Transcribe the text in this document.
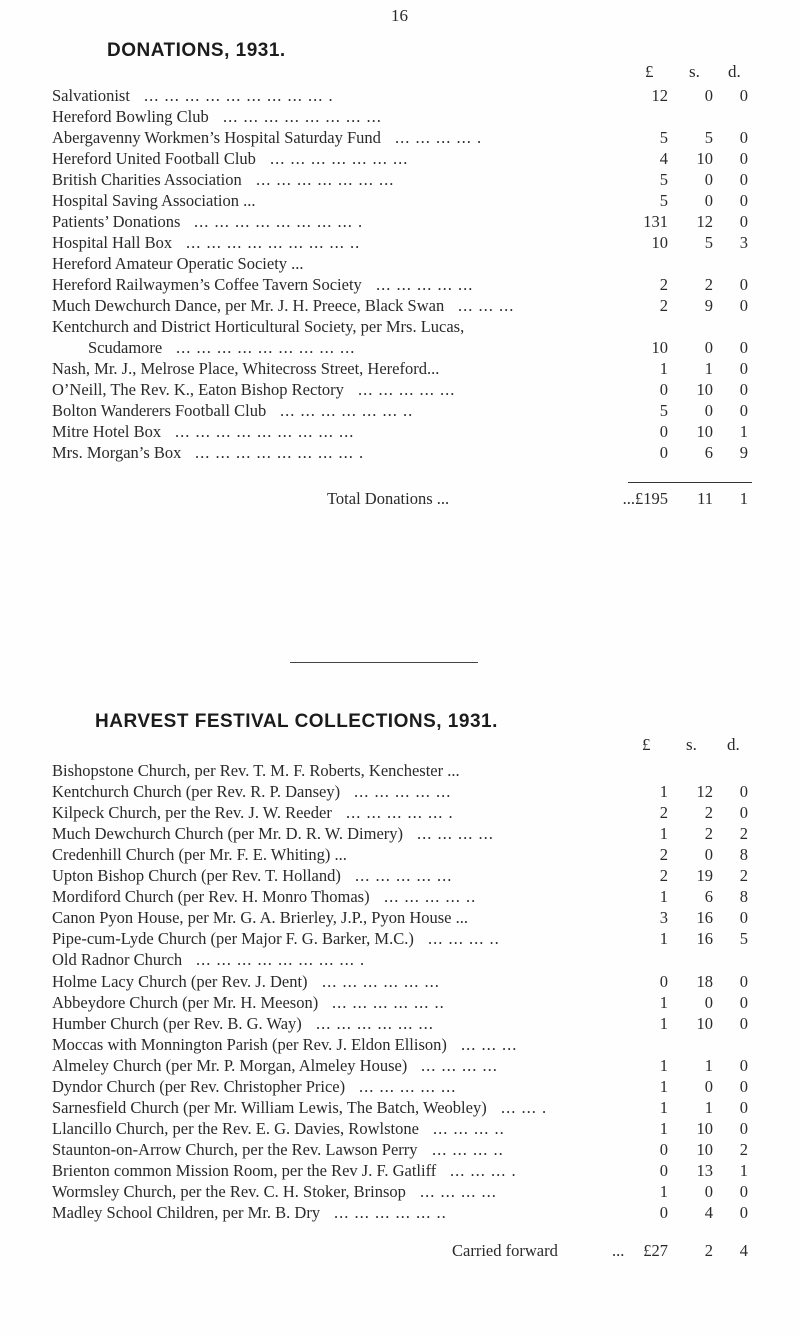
16
DONATIONS, 1931.
£ s. d.
Salvationist	12	0	0
... ... ... ... ... ... ... ... ... .
Hereford Bowling Club ... ... ... ... ... ... ... ...
Abergavenny Workmen’s Hospital Saturday Fund	5	5	0
... ... ... ... .
Hereford United Football Club	4	10	0
... ... ... ... ... ... ...
British Charities Association	5	0	0
... ... ... ... ... ... ...
Hospital Saving Association ...	5	0	0
Patients’ Donations	131	12	0
... ... ... ... ... ... ... ... .
Hospital Hall Box	10	5	3
... ... ... ... ... ... ... ... ..
Hereford Amateur Operatic Society ...
Hereford Railwaymen’s Coffee Tavern Society	2	2	0
... ... ... ... ...
Much Dewchurch Dance, per Mr. J. H. Preece, Black Swan	2	9	0
... ... ...
Kentchurch and District Horticultural Society, per Mrs. Lucas,
Scudamore	10	0	0
... ... ... ... ... ... ... ... ...
Nash, Mr. J., Melrose Place, Whitecross Street, Hereford...	1	1	0
O’Neill, The Rev. K., Eaton Bishop Rectory	0	10	0
... ... ... ... ...
Bolton Wanderers Football Club	5	0	0
... ... ... ... ... ... ..
Mitre Hotel Box	0	10	1
... ... ... ... ... ... ... ... ...
Mrs. Morgan’s Box	0	6	9
... ... ... ... ... ... ... ... .
Total Donations ...	...£195	11	1
HARVEST FESTIVAL COLLECTIONS, 1931.
£ s. d.
Bishopstone Church, per Rev. T. M. F. Roberts, Kenchester ...
Kentchurch Church (per Rev. R. P. Dansey)	1	12	0
... ... ... ... ...
Kilpeck Church, per the Rev. J. W. Reeder	2	2	0
... ... ... ... ... .
Much Dewchurch Church (per Mr. D. R. W. Dimery)	1	2	2
... ... ... ...
Credenhill Church (per Mr. F. E. Whiting) ...	2	0	8
Upton Bishop Church (per Rev. T. Holland)	2	19	2
... ... ... ... ...
Mordiford Church (per Rev. H. Monro Thomas)	1	6	8
... ... ... ... ..
Canon Pyon House, per Mr. G. A. Brierley, J.P., Pyon House ...	3	16	0
Pipe-cum-Lyde Church (per Major F. G. Barker, M.C.)	1	16	5
... ... ... ..
Old Radnor Church ... ... ... ... ... ... ... ... .
Holme Lacy Church (per Rev. J. Dent)	0	18	0
... ... ... ... ... ...
Abbeydore Church (per Mr. H. Meeson)	1	0	0
... ... ... ... ... ..
Humber Church (per Rev. B. G. Way)	1	10	0
... ... ... ... ... ...
Moccas with Monnington Parish (per Rev. J. Eldon Ellison) ... ... ...
Almeley Church (per Mr. P. Morgan, Almeley House)	1	1	0
... ... ... ...
Dyndor Church (per Rev. Christopher Price)	1	0	0
... ... ... ... ...
Sarnesfield Church (per Mr. William Lewis, The Batch, Weobley)	1	1	0
... ... .
Llancillo Church, per the Rev. E. G. Davies, Rowlstone	1	10	0
... ... ... ..
Staunton-on-Arrow Church, per the Rev. Lawson Perry	0	10	2
... ... ... ..
Brienton common Mission Room, per the Rev J. F. Gatliff	0	13	1
... ... ... .
Wormsley Church, per the Rev. C. H. Stoker, Brinsop	1	0	0
... ... ... ...
Madley School Children, per Mr. B. Dry	0	4	0
... ... ... ... ... ..
Carried forward	...	£27	2	4
